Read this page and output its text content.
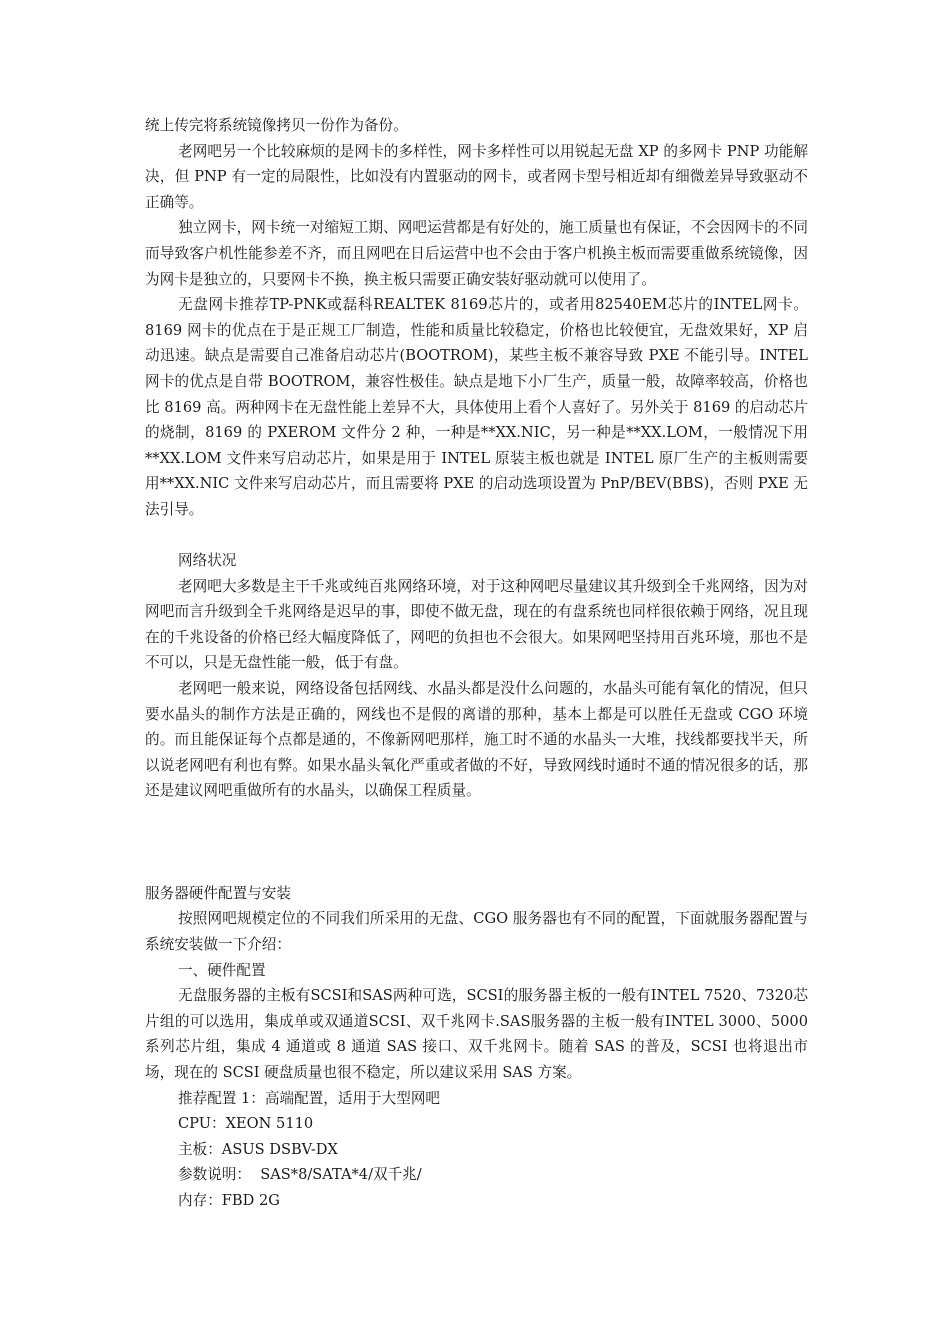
统上传完将系统镜像拷贝一份作为备份。

老网吧另一个比较麻烦的是网卡的多样性，网卡多样性可以用锐起无盘 XP 的多网卡 PNP 功能解决，但 PNP 有一定的局限性，比如没有内置驱动的网卡，或者网卡型号相近却有细微差异导致驱动不正确等。

独立网卡，网卡统一对缩短工期、网吧运营都是有好处的，施工质量也有保证，不会因网卡的不同而导致客户机性能参差不齐，而且网吧在日后运营中也不会由于客户机换主板而需要重做系统镜像，因为网卡是独立的，只要网卡不换，换主板只需要正确安装好驱动就可以使用了。

无盘网卡推荐TP-PNK或磊科REALTEK 8169芯片的，或者用82540EM芯片的INTEL网卡。8169 网卡的优点在于是正规工厂制造，性能和质量比较稳定，价格也比较便宜，无盘效果好，XP 启动迅速。缺点是需要自己准备启动芯片(BOOTROM)，某些主板不兼容导致 PXE 不能引导。INTEL 网卡的优点是自带 BOOTROM，兼容性极佳。缺点是地下小厂生产，质量一般，故障率较高，价格也比 8169 高。两种网卡在无盘性能上差异不大，具体使用上看个人喜好了。另外关于 8169 的启动芯片的烧制，8169 的 PXEROM 文件分 2 种，一种是**XX.NIC，另一种是**XX.LOM，一般情况下用**XX.LOM 文件来写启动芯片，如果是用于 INTEL 原装主板也就是 INTEL 原厂生产的主板则需要用**XX.NIC 文件来写启动芯片，而且需要将 PXE 的启动选项设置为 PnP/BEV(BBS)，否则 PXE 无法引导。

网络状况

老网吧大多数是主干千兆或纯百兆网络环境，对于这种网吧尽量建议其升级到全千兆网络，因为对网吧而言升级到全千兆网络是迟早的事，即使不做无盘，现在的有盘系统也同样很依赖于网络，况且现在的千兆设备的价格已经大幅度降低了，网吧的负担也不会很大。如果网吧坚持用百兆环境，那也不是不可以，只是无盘性能一般，低于有盘。

老网吧一般来说，网络设备包括网线、水晶头都是没什么问题的，水晶头可能有氧化的情况，但只要水晶头的制作方法是正确的，网线也不是假的离谱的那种，基本上都是可以胜任无盘或 CGO 环境的。而且能保证每个点都是通的，不像新网吧那样，施工时不通的水晶头一大堆，找线都要找半天，所以说老网吧有利也有弊。如果水晶头氧化严重或者做的不好，导致网线时通时不通的情况很多的话，那还是建议网吧重做所有的水晶头，以确保工程质量。

服务器硬件配置与安装

按照网吧规模定位的不同我们所采用的无盘、CGO 服务器也有不同的配置，下面就服务器配置与系统安装做一下介绍：

一、硬件配置

无盘服务器的主板有SCSI和SAS两种可选，SCSI的服务器主板的一般有INTEL 7520、7320芯片组的可以选用，集成单或双通道SCSI、双千兆网卡.SAS服务器的主板一般有INTEL 3000、5000 系列芯片组，集成 4 通道或 8 通道 SAS 接口、双千兆网卡。随着 SAS 的普及，SCSI 也将退出市场，现在的 SCSI 硬盘质量也很不稳定，所以建议采用 SAS 方案。

推荐配置 1：高端配置，适用于大型网吧

CPU：XEON 5110

主板：ASUS DSBV-DX

参数说明：  SAS*8/SATA*4/双千兆/

内存：FBD 2G
